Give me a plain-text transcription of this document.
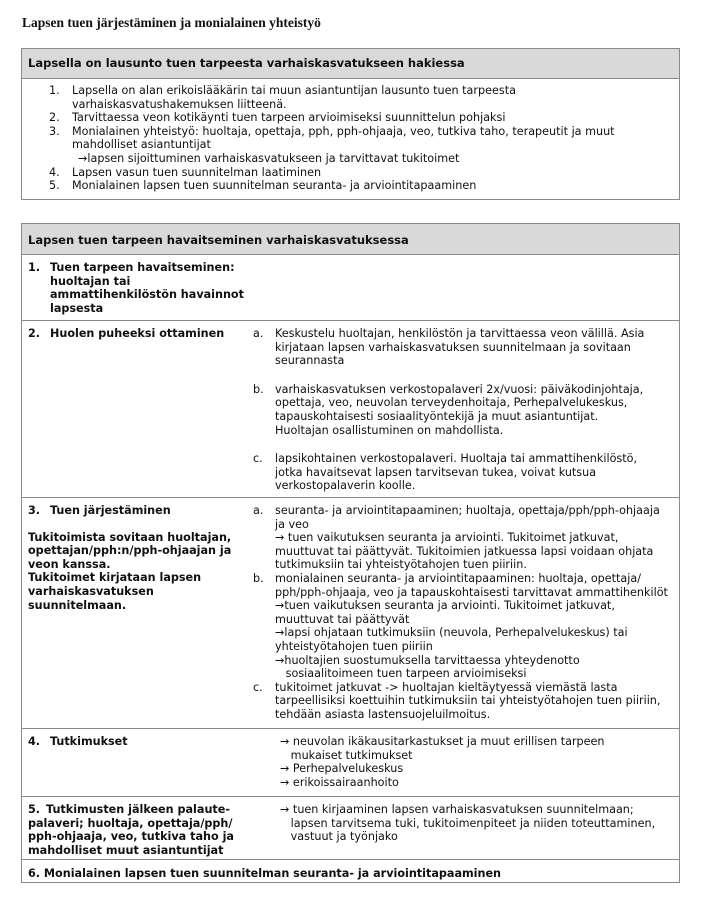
Lapsen tuen järjestäminen ja monialainen yhteistyö
Lapsella on lausunto tuen tarpeesta varhaiskasvatukseen hakiessa
1. Lapsella on alan erikoislääkärin tai muun asiantuntijan lausunto tuen tarpeesta
varhaiskasvatushakemuksen liitteenä.
2. Tarvittaessa veon kotikäynti tuen tarpeen arvioimiseksi suunnittelun pohjaksi
3. Monialainen yhteistyö: huoltaja, opettaja, pph, pph-ohjaaja, veo, tutkiva taho, terapeutit ja muut
mahdolliset asiantuntijat
→lapsen sijoittuminen varhaiskasvatukseen ja tarvittavat tukitoimet
4. Lapsen vasun tuen suunnitelman laatiminen
5. Monialainen lapsen tuen suunnitelman seuranta- ja arviointitapaaminen
Lapsen tuen tarpeen havaitseminen varhaiskasvatuksessa
1. Tuen tarpeen havaitseminen:
huoltajan tai
ammattihenkilöstön havainnot
lapsesta
2. Huolen puheeksi ottaminen	a. Keskustelu huoltajan, henkilöstön ja tarvittaessa veon välillä. Asia
kirjataan lapsen varhaiskasvatuksen suunnitelmaan ja sovitaan
seurannasta
b. varhaiskasvatuksen verkostopalaveri 2x/vuosi: päiväkodinjohtaja,
opettaja, veo, neuvolan terveydenhoitaja, Perhepalvelukeskus,
tapauskohtaisesti sosiaalityöntekijä ja muut asiantuntijat.
Huoltajan osallistuminen on mahdollista.
c. lapsikohtainen verkostopalaveri. Huoltaja tai ammattihenkilöstö,
jotka havaitsevat lapsen tarvitsevan tukea, voivat kutsua
verkostopalaverin koolle.
3. Tuen järjestäminen
Tukitoimista sovitaan huoltajan,
opettajan/pph:n/pph-ohjaajan ja
veon kanssa.
Tukitoimet kirjataan lapsen
varhaiskasvatuksen suunnitelmaan.
a. seuranta- ja arviointitapaaminen; huoltaja, opettaja/pph/pph-ohjaaja
ja veo
→ tuen vaikutuksen seuranta ja arviointi. Tukitoimet jatkuvat,
muuttuvat tai päättyvät. Tukitoimien jatkuessa lapsi voidaan ohjata
tutkimuksiin tai yhteistyötahojen tuen piiriin.
b. monialainen seuranta- ja arviointitapaaminen: huoltaja, opettaja/
pph/pph-ohjaaja, veo ja tapauskohtaisesti tarvittavat ammattihenkilöt
→tuen vaikutuksen seuranta ja arviointi. Tukitoimet jatkuvat,
muuttuvat tai päättyvät
→lapsi ohjataan tutkimuksiin (neuvola, Perhepalvelukeskus) tai
yhteistyötahojen tuen piiriin
→huoltajien suostumuksella tarvittaessa yhteydenotto
sosiaalitoimeen tuen tarpeen arvioimiseksi
c. tukitoimet jatkuvat -> huoltajan kieltäytyessä viemästä lasta
tarpeellisiksi koettuihin tutkimuksiin tai yhteistyötahojen tuen piiriin,
tehdään asiasta lastensuojeluilmoitus.
4. Tutkimukset	→ neuvolan ikäkausitarkastukset ja muut erillisen tarpeen
mukaiset tutkimukset
→ Perhepalvelukeskus
→ erikoissairaanhoito
5. Tutkimusten jälkeen palaute-
palaveri; huoltaja, opettaja/pph/
pph-ohjaaja, veo, tutkiva taho ja
mahdolliset muut asiantuntijat
→ tuen kirjaaminen lapsen varhaiskasvatuksen suunnitelmaan;
lapsen tarvitsema tuki, tukitoimenpiteet ja niiden toteuttaminen,
vastuut ja työnjako
6. Monialainen lapsen tuen suunnitelman seuranta- ja arviointitapaaminen
